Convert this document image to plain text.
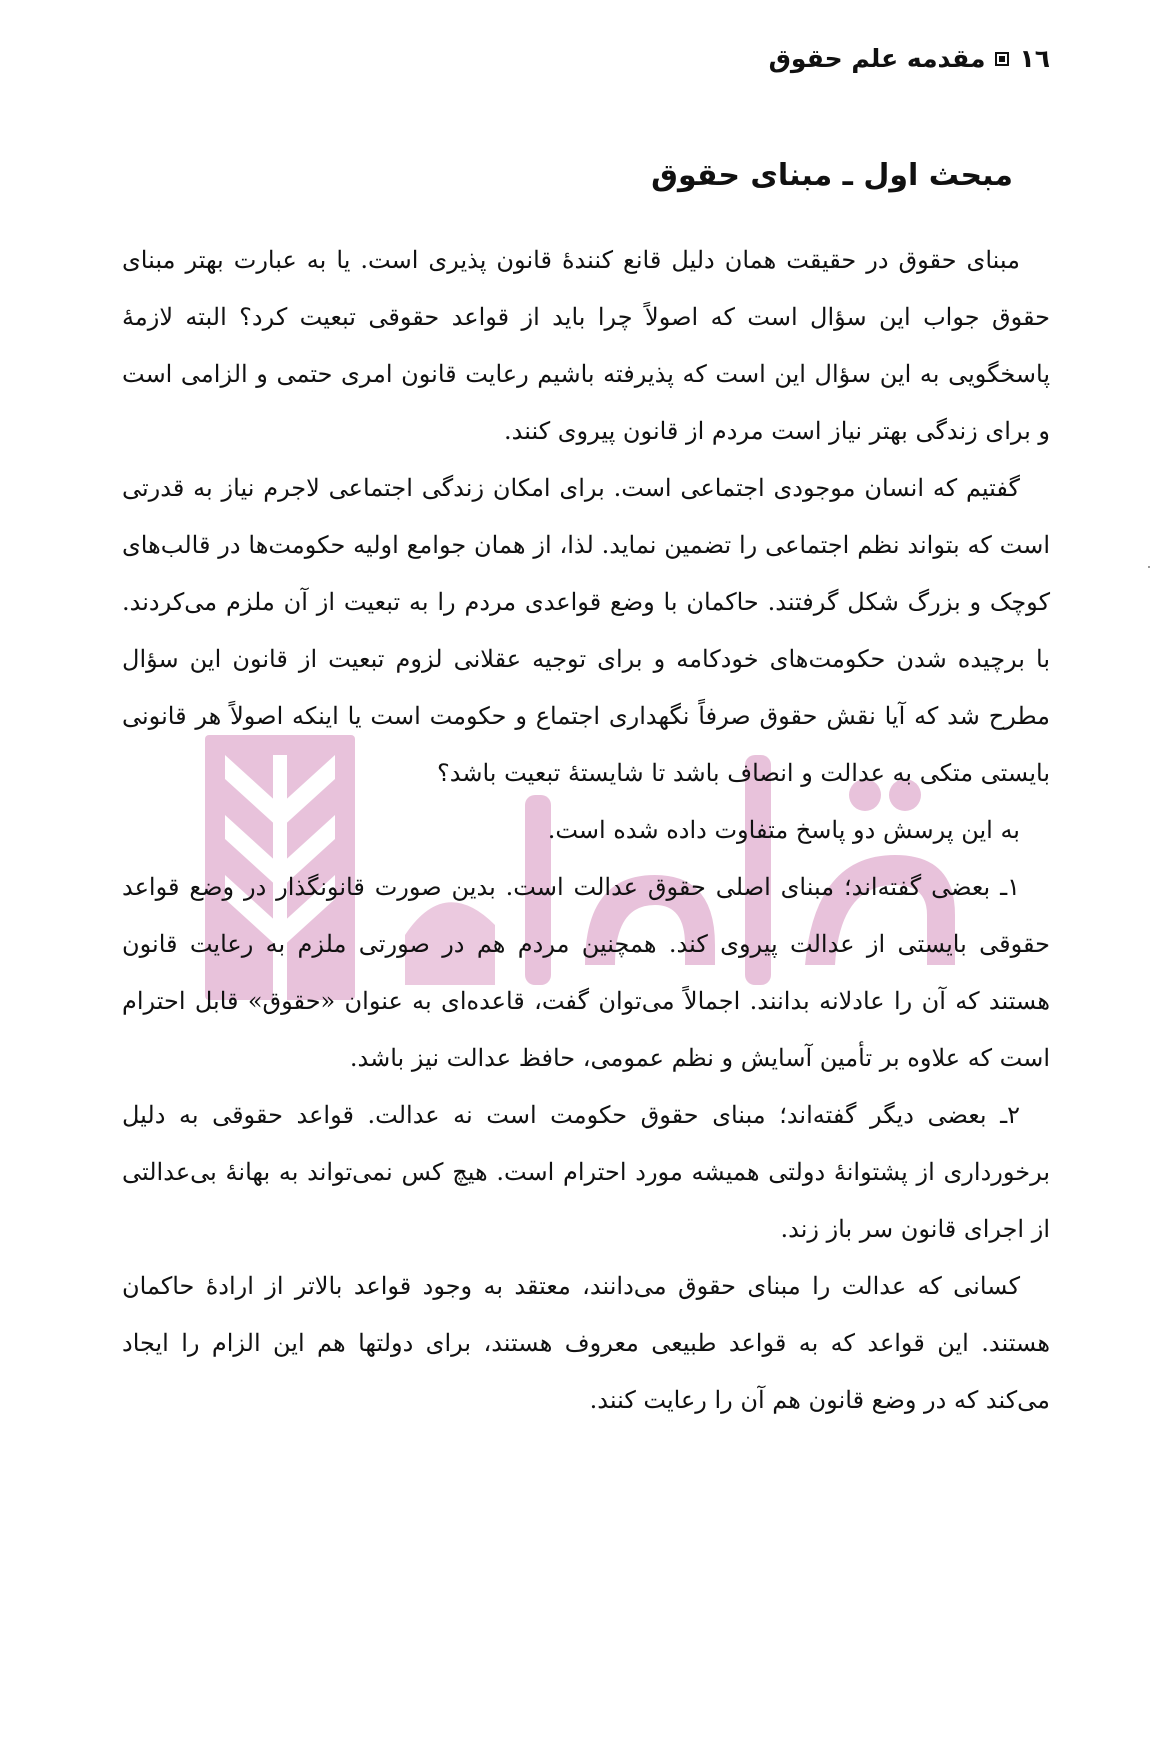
١٦
مقدمه علم حقوق
مبحث اول ـ مبنای حقوق

مبنای حقوق در حقیقت همان دلیل قانع کنندهٔ قانون پذیری است. یا به عبارت بهتر مبنای حقوق جواب این سؤال است که اصولاً چرا باید از قواعد حقوقی تبعیت کرد؟ البته لازمهٔ پاسخگویی به این سؤال این است که پذیرفته باشیم رعایت قانون امری حتمی و الزامی است و برای زندگی بهتر نیاز است مردم از قانون پیروی کنند.

گفتیم که انسان موجودی اجتماعی است. برای امکان زندگی اجتماعی لاجرم نیاز به قدرتی است که بتواند نظم اجتماعی را تضمین نماید. لذا، از همان جوامع اولیه حکومت‌ها در قالب‌های کوچک و بزرگ شکل گرفتند. حاکمان با وضع قواعدی مردم را به تبعیت از آن ملزم می‌کردند. با برچیده شدن حکومت‌های خودکامه و برای توجیه عقلانی لزوم تبعیت از قانون این سؤال مطرح شد که آیا نقش حقوق صرفاً نگهداری اجتماع و حکومت است یا اینکه اصولاً هر قانونی بایستی متکی به عدالت و انصاف باشد تا شایستهٔ تبعیت باشد؟

به این پرسش دو پاسخ متفاوت داده شده است.

۱ـ بعضی گفته‌اند؛ مبنای اصلی حقوق عدالت است. بدین صورت قانونگذار در وضع قواعد حقوقی بایستی از عدالت پیروی کند. همچنین مردم هم در صورتی ملزم به رعایت قانون هستند که آن را عادلانه بدانند. اجمالاً می‌توان گفت، قاعده‌ای به عنوان «حقوق» قابل احترام است که علاوه بر تأمین آسایش و نظم عمومی، حافظ عدالت نیز باشد.

۲ـ بعضی دیگر گفته‌اند؛ مبنای حقوق حکومت است نه عدالت. قواعد حقوقی به دلیل برخورداری از پشتوانهٔ دولتی همیشه مورد احترام است. هیچ کس نمی‌تواند به بهانهٔ بی‌عدالتی از اجرای قانون سر باز زند.

کسانی که عدالت را مبنای حقوق می‌دانند، معتقد به وجود قواعد بالاتر از ارادهٔ حاکمان هستند. این قواعد که به قواعد طبیعی معروف هستند، برای دولتها هم این الزام را ایجاد می‌کند که در وضع قانون هم آن را رعایت کنند.
